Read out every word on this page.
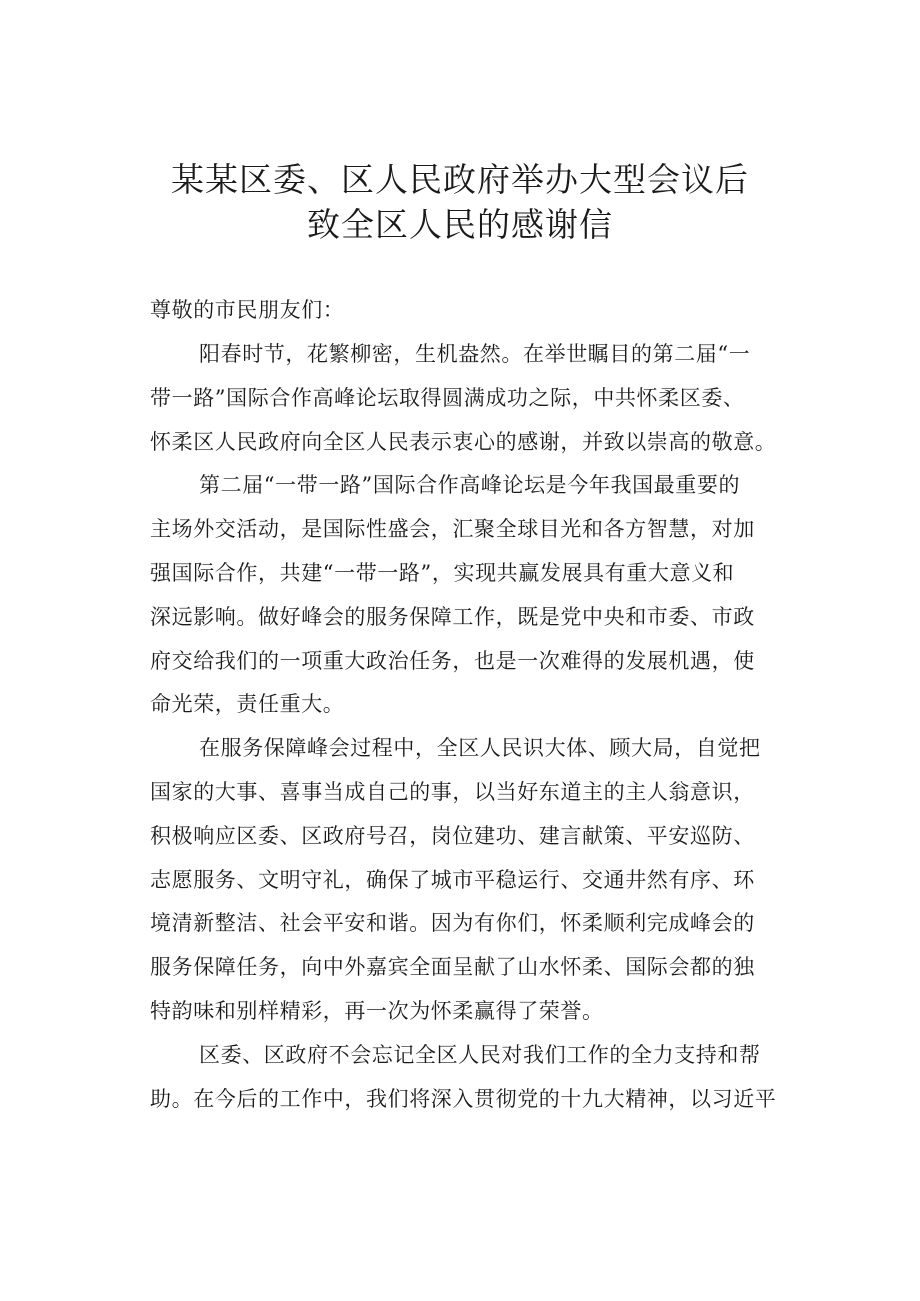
某某区委、区人民政府举办大型会议后
致全区人民的感谢信
尊敬的市民朋友们：
阳春时节，花繁柳密，生机盎然。在举世瞩目的第二届“一
带一路”国际合作高峰论坛取得圆满成功之际，中共怀柔区委、
怀柔区人民政府向全区人民表示衷心的感谢，并致以崇高的敬意。
第二届“一带一路”国际合作高峰论坛是今年我国最重要的
主场外交活动，是国际性盛会，汇聚全球目光和各方智慧，对加
强国际合作，共建“一带一路”，实现共赢发展具有重大意义和
深远影响。做好峰会的服务保障工作，既是党中央和市委、市政
府交给我们的一项重大政治任务，也是一次难得的发展机遇，使
命光荣，责任重大。
在服务保障峰会过程中，全区人民识大体、顾大局，自觉把
国家的大事、喜事当成自己的事，以当好东道主的主人翁意识，
积极响应区委、区政府号召，岗位建功、建言献策、平安巡防、
志愿服务、文明守礼，确保了城市平稳运行、交通井然有序、环
境清新整洁、社会平安和谐。因为有你们，怀柔顺利完成峰会的
服务保障任务，向中外嘉宾全面呈献了山水怀柔、国际会都的独
特韵味和别样精彩，再一次为怀柔赢得了荣誉。
区委、区政府不会忘记全区人民对我们工作的全力支持和帮
助。在今后的工作中，我们将深入贯彻党的十九大精神，以习近平
